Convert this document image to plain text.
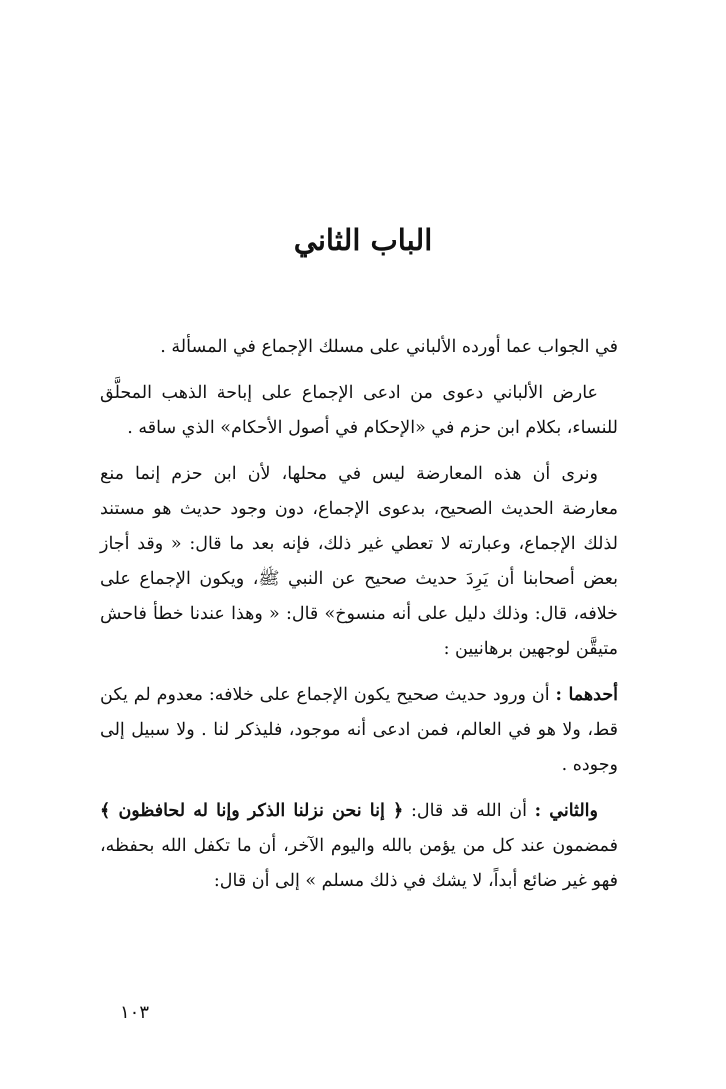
الباب الثاني

في الجواب عما أورده الألباني على مسلك الإجماع في المسألة .

عارض الألباني دعوى من ادعى الإجماع على إباحة الذهب المحلَّق للنساء، بكلام ابن حزم في «الإحكام في أصول الأحكام» الذي ساقه .

ونرى أن هذه المعارضة ليس في محلها، لأن ابن حزم إنما منع معارضة الحديث الصحيح، بدعوى الإجماع، دون وجود حديث هو مستند لذلك الإجماع، وعبارته لا تعطي غير ذلك، فإنه بعد ما قال: « وقد أجاز بعض أصحابنا أن يَرِدَ حديث صحيح عن النبي ﷺ، ويكون الإجماع على خلافه، قال: وذلك دليل على أنه منسوخ» قال: « وهذا عندنا خطأ فاحش متيقَّن لوجهين برهانيين :

أحدهما : أن ورود حديث صحيح يكون الإجماع على خلافه: معدوم لم يكن قط، ولا هو في العالم، فمن ادعى أنه موجود، فليذكر لنا . ولا سبيل إلى وجوده .

والثاني : أن الله قد قال: ﴿ إنا نحن نزلنا الذكر وإنا له لحافظون ﴾ فمضمون عند كل من يؤمن بالله واليوم الآخر، أن ما تكفل الله بحفظه، فهو غير ضائع أبداً، لا يشك في ذلك مسلم » إلى أن قال:

١٠٣
